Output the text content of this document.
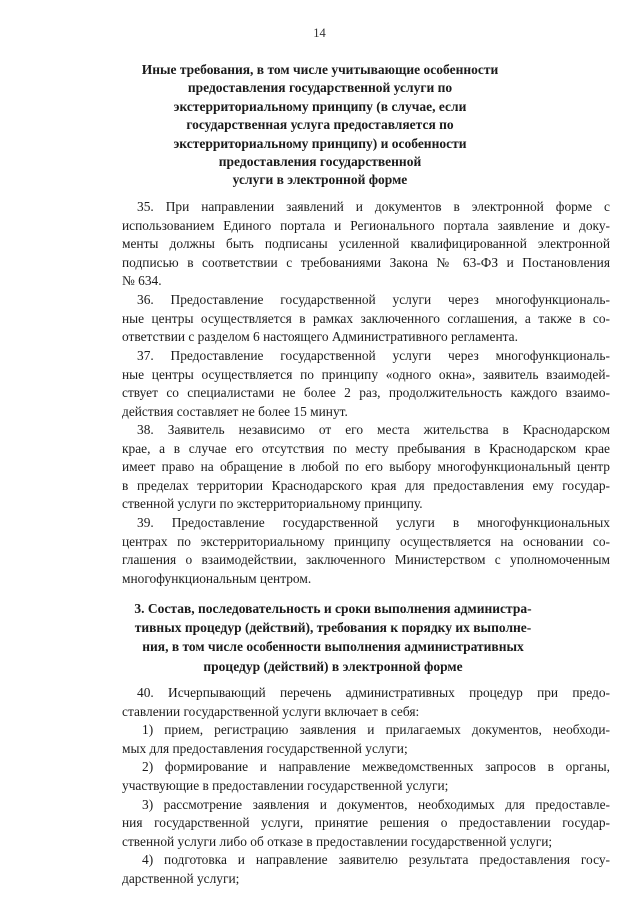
14
Иные требования, в том числе учитывающие особенности
предоставления государственной услуги по
экстерриториальному принципу (в случае, если
государственная услуга предоставляется по
экстерриториальному принципу) и особенности
предоставления государственной
услуги в электронной форме
35. При направлении заявлений и документов в электронной форме с
использованием Единого портала и Регионального портала заявление и доку-
менты должны быть подписаны усиленной квалифицированной электронной
подписью в соответствии с требованиями Закона № 63-ФЗ и Постановления
№ 634.
36. Предоставление государственной услуги через многофункциональ-
ные центры осуществляется в рамках заключенного соглашения, а также в со-
ответствии с разделом 6 настоящего Административного регламента.
37. Предоставление государственной услуги через многофункциональ-
ные центры осуществляется по принципу «одного окна», заявитель взаимодей-
ствует со специалистами не более 2 раз, продолжительность каждого взаимо-
действия составляет не более 15 минут.
38. Заявитель независимо от его места жительства в Краснодарском
крае, а в случае его отсутствия по месту пребывания в Краснодарском крае
имеет право на обращение в любой по его выбору многофункциональный центр
в пределах территории Краснодарского края для предоставления ему государ-
ственной услуги по экстерриториальному принципу.
39. Предоставление государственной услуги в многофункциональных
центрах по экстерриториальному принципу осуществляется на основании со-
глашения о взаимодействии, заключенного Министерством с уполномоченным
многофункциональным центром.
3. Состав, последовательность и сроки выполнения администра-
тивных процедур (действий), требования к порядку их выполне-
ния, в том числе особенности выполнения административных
процедур (действий) в электронной форме
40. Исчерпывающий перечень административных процедур при предо-
ставлении государственной услуги включает в себя:
1) прием, регистрацию заявления и прилагаемых документов, необходи-
мых для предоставления государственной услуги;
2) формирование и направление межведомственных запросов в органы,
участвующие в предоставлении государственной услуги;
3) рассмотрение заявления и документов, необходимых для предоставле-
ния государственной услуги, принятие решения о предоставлении государ-
ственной услуги либо об отказе в предоставлении государственной услуги;
4) подготовка и направление заявителю результата предоставления госу-
дарственной услуги;
